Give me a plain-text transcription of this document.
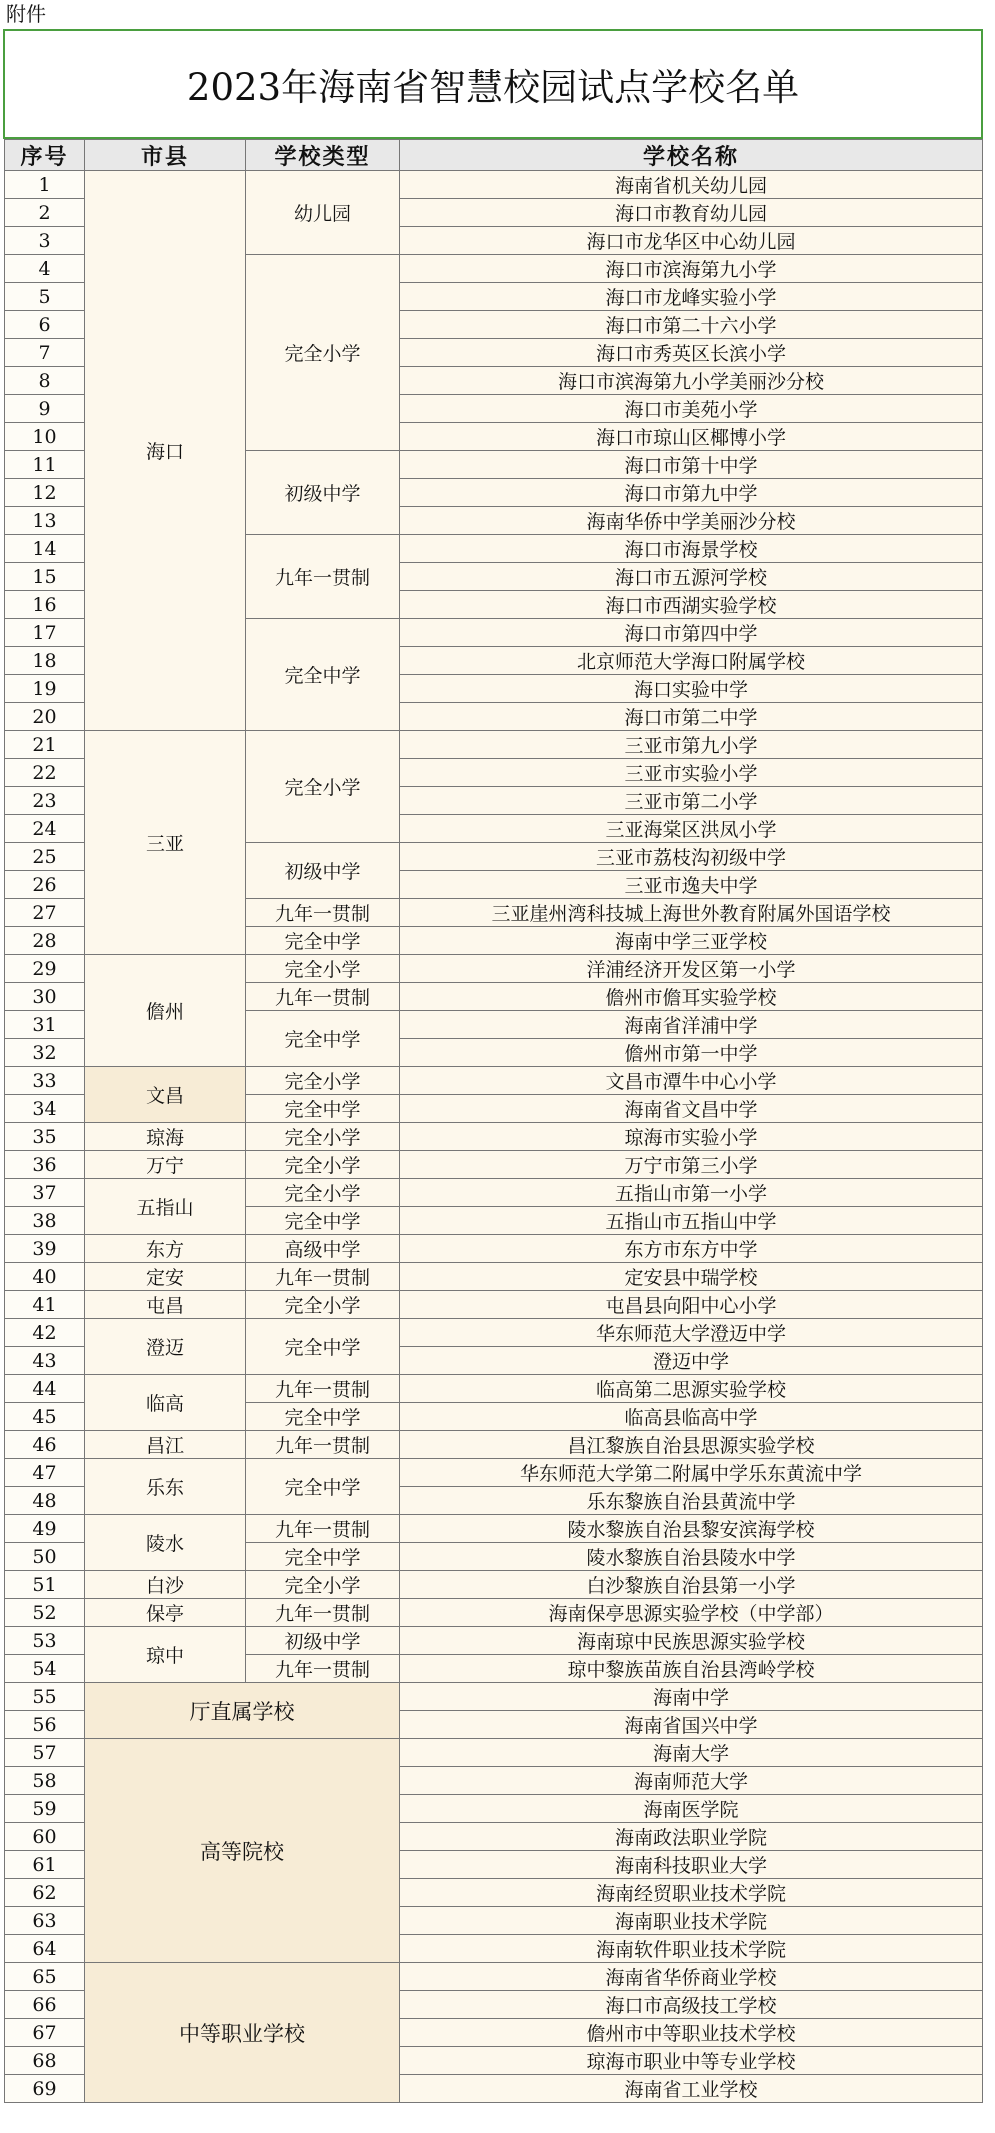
附件
2023年海南省智慧校园试点学校名单
序号	市县	学校类型	学校名称
海口
幼儿园
1	海南省机关幼儿园
2	海口市教育幼儿园
3	海口市龙华区中心幼儿园
完全小学
4	海口市滨海第九小学
5	海口市龙峰实验小学
6	海口市第二十六小学
7	海口市秀英区长滨小学
8	海口市滨海第九小学美丽沙分校
9	海口市美苑小学
10	海口市琼山区椰博小学
初级中学
11	海口市第十中学
12	海口市第九中学
13	海南华侨中学美丽沙分校
九年一贯制
14	海口市海景学校
15	海口市五源河学校
16	海口市西湖实验学校
完全中学
17	海口市第四中学
18	北京师范大学海口附属学校
19	海口实验中学
20	海口市第二中学
三亚
完全小学
21	三亚市第九小学
22	三亚市实验小学
23	三亚市第二小学
24	三亚海棠区洪凤小学
初级中学
25	三亚市荔枝沟初级中学
26	三亚市逸夫中学
九年一贯制
27	三亚崖州湾科技城上海世外教育附属外国语学校
完全中学
28	海南中学三亚学校
儋州
完全小学
29	洋浦经济开发区第一小学
九年一贯制
30	儋州市儋耳实验学校
完全中学
31	海南省洋浦中学
32	儋州市第一中学
文昌
完全小学
33	文昌市潭牛中心小学
完全中学
34	海南省文昌中学
琼海	完全小学
35	琼海市实验小学
万宁	完全小学
36	万宁市第三小学
五指山
完全小学
37	五指山市第一小学
完全中学
38	五指山市五指山中学
东方	高级中学
39	东方市东方中学
定安	九年一贯制
40	定安县中瑞学校
屯昌	完全小学
41	屯昌县向阳中心小学
澄迈	完全中学
42	华东师范大学澄迈中学
43	澄迈中学
临高
九年一贯制
44	临高第二思源实验学校
完全中学
45	临高县临高中学
昌江	九年一贯制
46	昌江黎族自治县思源实验学校
乐东	完全中学
47	华东师范大学第二附属中学乐东黄流中学
48	乐东黎族自治县黄流中学
陵水
九年一贯制
49	陵水黎族自治县黎安滨海学校
完全中学
50	陵水黎族自治县陵水中学
白沙	完全小学
51	白沙黎族自治县第一小学
保亭	九年一贯制
52	海南保亭思源实验学校（中学部）
琼中
初级中学
53	海南琼中民族思源实验学校
九年一贯制
54	琼中黎族苗族自治县湾岭学校
厅直属学校
55	海南中学
56	海南省国兴中学
高等院校
57	海南大学
58	海南师范大学
59	海南医学院
60	海南政法职业学院
61	海南科技职业大学
62	海南经贸职业技术学院
63	海南职业技术学院
64	海南软件职业技术学院
中等职业学校
65	海南省华侨商业学校
66	海口市高级技工学校
67	儋州市中等职业技术学校
68	琼海市职业中等专业学校
69	海南省工业学校
